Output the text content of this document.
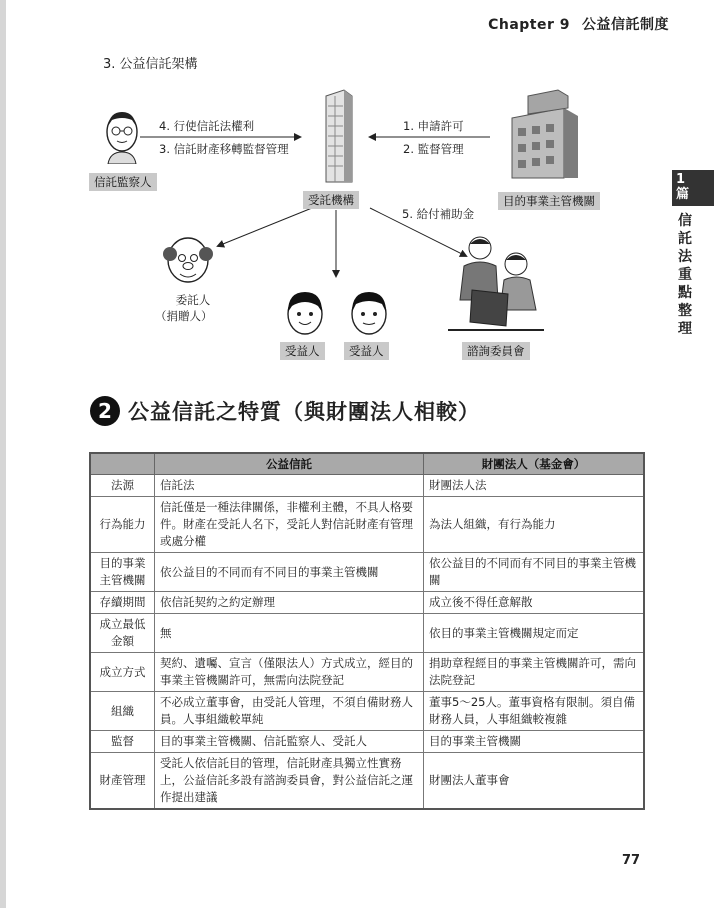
Chapter 9 公益信託制度
3. 公益信託架構
1
篇
信託法重點整理
信託監察人
受託機構	目的事業主管機關
委託人
（捐贈人）
受益人	受益人	諮詢委員會
4. 行使信託法權利
3. 信託財產移轉監督管理
1. 申請許可
2. 監督管理
5. 給付補助金
2 公益信託之特質（與財團法人相較）
	公益信託	財團法人（基金會）
法源	信託法	財團法人法
行為能力	信託僅是一種法律關係，非權利主體，不具人格要件。財產在受託人名下，受託人對信託財產有管理或處分權	為法人組織，有行為能力
目的事業主管機關	依公益目的不同而有不同目的事業主管機關	依公益目的不同而有不同目的事業主管機關
存續期間	依信託契約之約定辦理	成立後不得任意解散
成立最低金額	無	依目的事業主管機關規定而定
成立方式	契約、遺囑、宣言（僅限法人）方式成立，經目的事業主管機關許可，無需向法院登記	捐助章程經目的事業主管機關許可，需向法院登記
組織	不必成立董事會，由受託人管理，不須自備財務人員。人事組織較單純	董事5～25人。董事資格有限制。須自備財務人員，人事組織較複雜
監督	目的事業主管機關、信託監察人、受託人	目的事業主管機關
財產管理	受託人依信託目的管理，信託財產具獨立性實務上，公益信託多設有諮詢委員會，對公益信託之運作提出建議	財團法人董事會
77
